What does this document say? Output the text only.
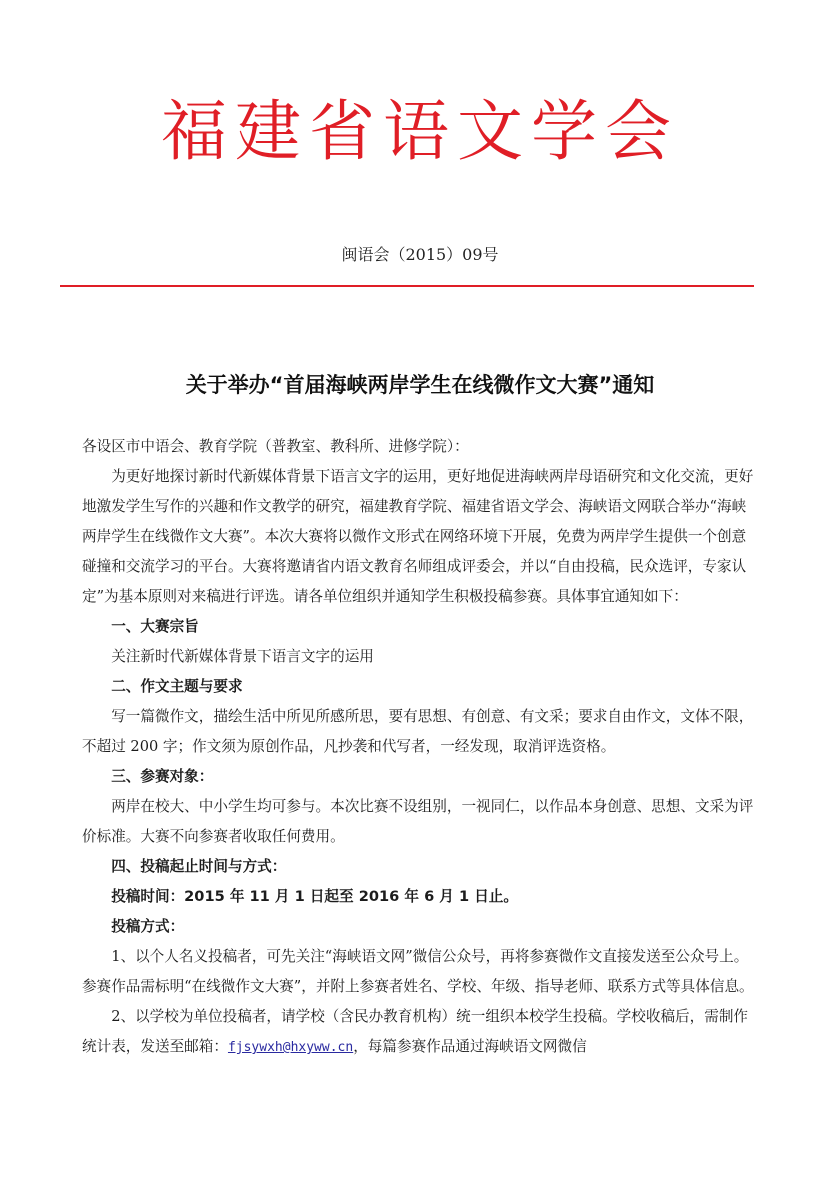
福建省语文学会
闽语会（2015）09号
关于举办“首届海峡两岸学生在线微作文大赛”通知

各设区市中语会、教育学院（普教室、教科所、进修学院）：

为更好地探讨新时代新媒体背景下语言文字的运用，更好地促进海峡两岸母语研究和文化交流，更好地激发学生写作的兴趣和作文教学的研究，福建教育学院、福建省语文学会、海峡语文网联合举办“海峡两岸学生在线微作文大赛”。本次大赛将以微作文形式在网络环境下开展，免费为两岸学生提供一个创意碰撞和交流学习的平台。大赛将邀请省内语文教育名师组成评委会，并以“自由投稿，民众选评，专家认定”为基本原则对来稿进行评选。请各单位组织并通知学生积极投稿参赛。具体事宜通知如下：

一、大赛宗旨

关注新时代新媒体背景下语言文字的运用

二、作文主题与要求

写一篇微作文，描绘生活中所见所感所思，要有思想、有创意、有文采；要求自由作文，文体不限，不超过 200 字；作文须为原创作品，凡抄袭和代写者，一经发现，取消评选资格。

三、参赛对象：

两岸在校大、中小学生均可参与。本次比赛不设组别，一视同仁，以作品本身创意、思想、文采为评价标准。大赛不向参赛者收取任何费用。

四、投稿起止时间与方式：

投稿时间：2015 年 11 月 1 日起至 2016 年 6 月 1 日止。

投稿方式：

1、以个人名义投稿者，可先关注“海峡语文网”微信公众号，再将参赛微作文直接发送至公众号上。参赛作品需标明“在线微作文大赛”，并附上参赛者姓名、学校、年级、指导老师、联系方式等具体信息。

2、以学校为单位投稿者，请学校（含民办教育机构）统一组织本校学生投稿。学校收稿后，需制作统计表，发送至邮箱：fjsywxh@hxyww.cn，每篇参赛作品通过海峡语文网微信
